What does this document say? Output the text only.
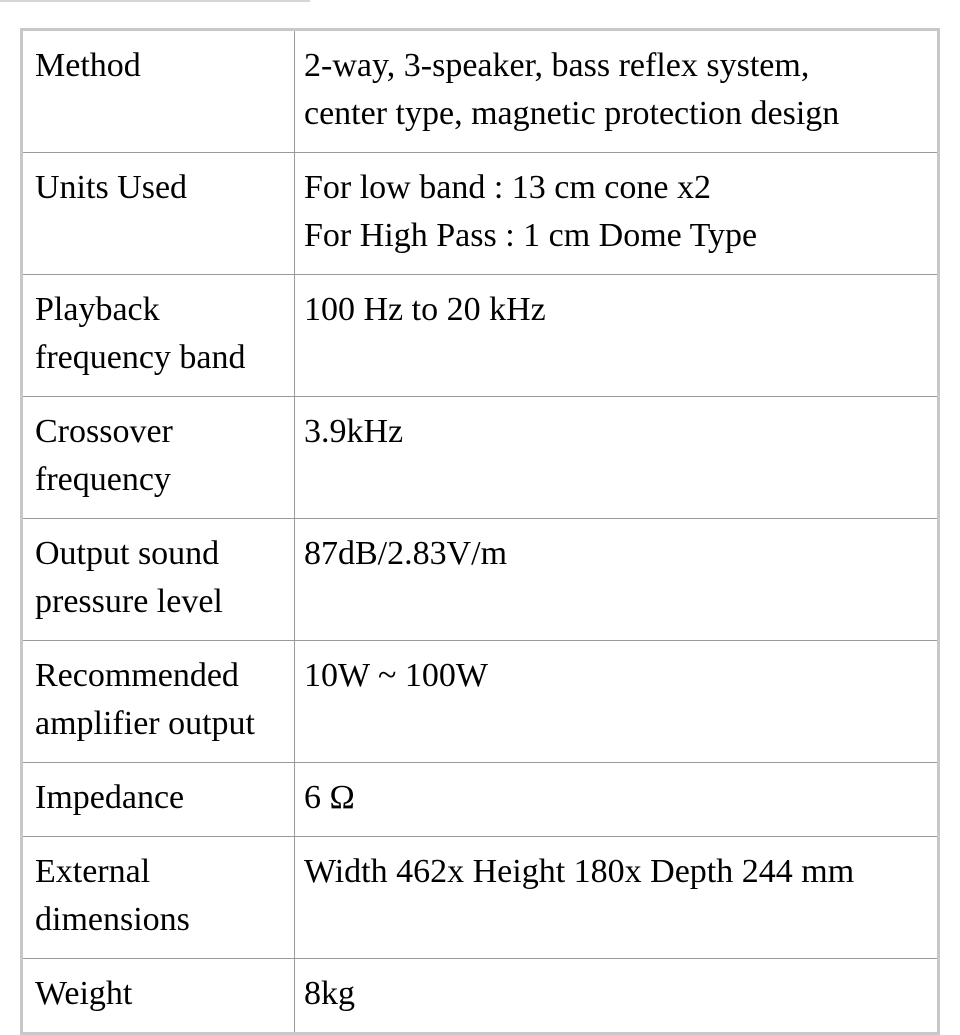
Method	2-way, 3-speaker, bass reflex system,
center type, magnetic protection design
Units Used	For low band : 13 cm cone x2
For High Pass : 1 cm Dome Type
Playback
frequency band	100 Hz to 20 kHz
Crossover
frequency	3.9kHz
Output sound
pressure level	87dB/2.83V/m
Recommended
amplifier output	10W ~ 100W
Impedance	6 Ω
External
dimensions	Width 462x Height 180x Depth 244 mm
Weight	8kg
